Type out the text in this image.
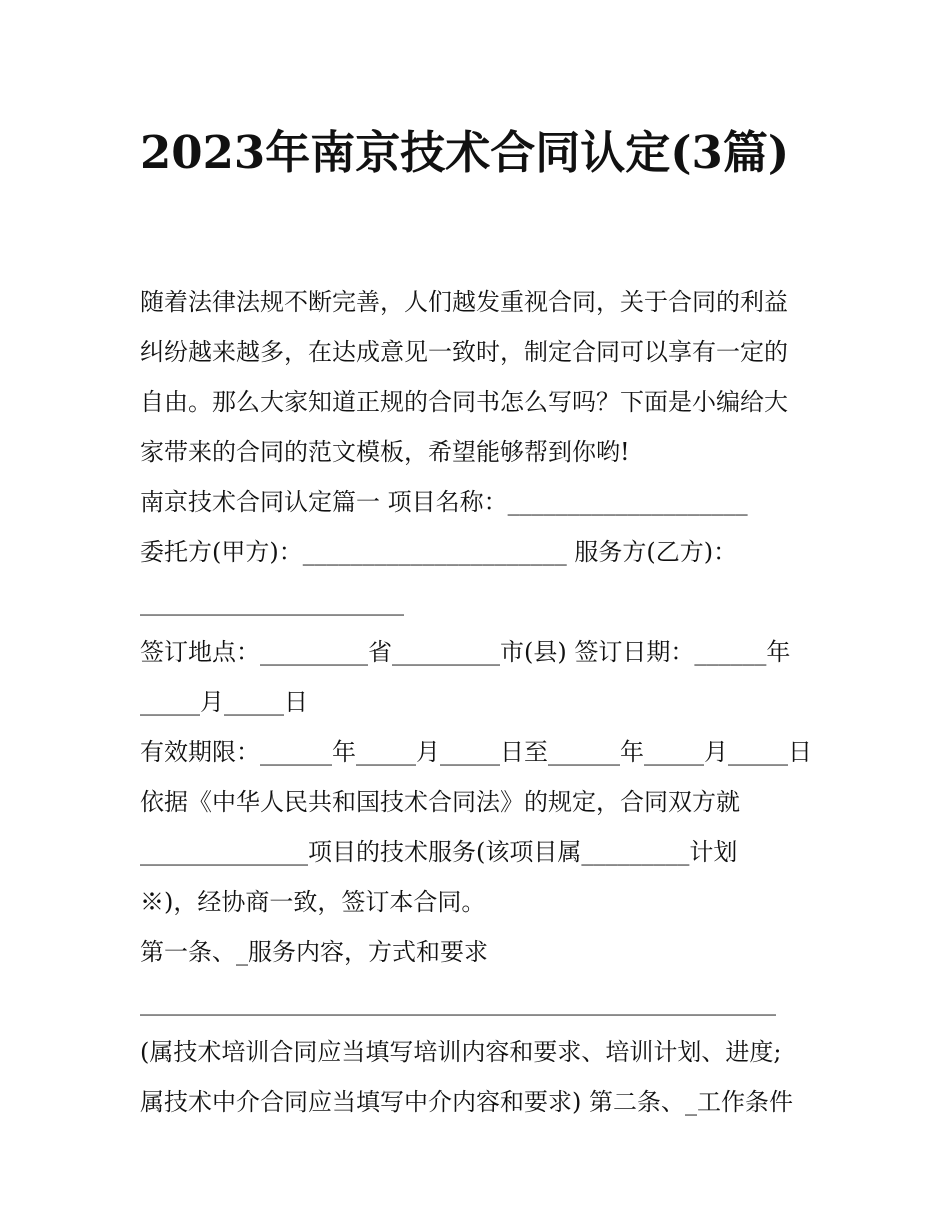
2023年南京技术合同认定(3篇)
随着法律法规不断完善，人们越发重视合同，关于合同的利益
纠纷越来越多，在达成意见一致时，制定合同可以享有一定的
自由。那么大家知道正规的合同书怎么写吗？下面是小编给大
家带来的合同的范文模板，希望能够帮到你哟!
南京技术合同认定篇一 项目名称：____________________
委托方(甲方)：______________________ 服务方(乙方)：
______________________
签订地点：_________省_________市(县) 签订日期：______年
_____月_____日
有效期限：______年_____月_____日至______年_____月_____日
依据《中华人民共和国技术合同法》的规定，合同双方就
______________项目的技术服务(该项目属_________计划
※)，经协商一致，签订本合同。
第一条、_服务内容，方式和要求
_____________________________________________________
(属技术培训合同应当填写培训内容和要求、培训计划、进度;
属技术中介合同应当填写中介内容和要求) 第二条、_工作条件
